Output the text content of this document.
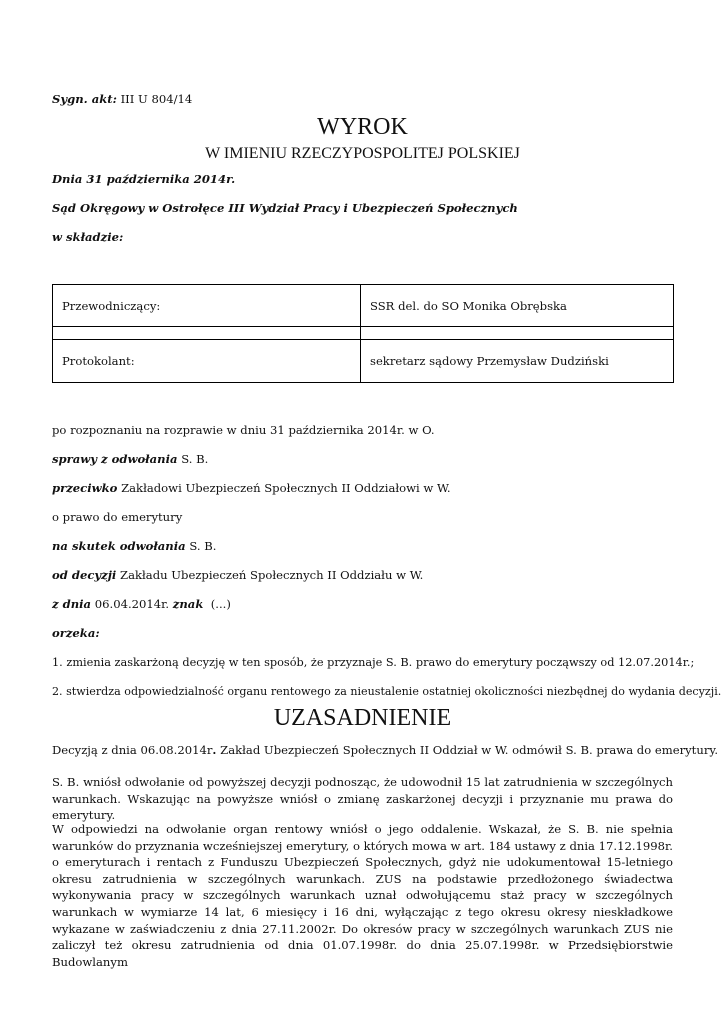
Sygn. akt: III U 804/14
WYROK
W IMIENIU RZECZYPOSPOLITEJ POLSKIEJ
Dnia 31 października 2014r.
Sąd Okręgowy w Ostrołęce III Wydział Pracy i Ubezpieczeń Społecznych
w składzie:
Przewodniczący:	SSR del. do SO Monika Obrębska

Protokolant:	sekretarz sądowy Przemysław Dudziński
po rozpoznaniu na rozprawie w dniu 31 października 2014r. w O.
sprawy z odwołania S. B.
przeciwko Zakładowi Ubezpieczeń Społecznych II Oddziałowi w W.
o prawo do emerytury
na skutek odwołania S. B.
od decyzji Zakładu Ubezpieczeń Społecznych II Oddziału w W.
z dnia 06.04.2014r. znak (...)
orzeka:
1. zmienia zaskarżoną decyzję w ten sposób, że przyznaje S. B. prawo do emerytury począwszy od 12.07.2014r.;
2. stwierdza odpowiedzialność organu rentowego za nieustalenie ostatniej okoliczności niezbędnej do wydania decyzji.
UZASADNIENIE
Decyzją z dnia 06.08.2014r. Zakład Ubezpieczeń Społecznych II Oddział w W. odmówił S. B. prawa do emerytury.

S. B. wniósł odwołanie od powyższej decyzji podnosząc, że udowodnił 15 lat zatrudnienia w szczególnych warunkach. Wskazując na powyższe wniósł o zmianę zaskarżonej decyzji i przyznanie mu prawa do emerytury.

W odpowiedzi na odwołanie organ rentowy wniósł o jego oddalenie. Wskazał, że S. B. nie spełnia warunków do przyznania wcześniejszej emerytury, o których mowa w art. 184 ustawy z dnia 17.12.1998r. o emeryturach i rentach z Funduszu Ubezpieczeń Społecznych, gdyż nie udokumentował 15-letniego okresu zatrudnienia w szczególnych warunkach. ZUS na podstawie przedłożonego świadectwa wykonywania pracy w szczególnych warunkach uznał odwołującemu staż pracy w szczególnych warunkach w wymiarze 14 lat, 6 miesięcy i 16 dni, wyłączając z tego okresu okresy nieskładkowe wykazane w zaświadczeniu z dnia 27.11.2002r. Do okresów pracy w szczególnych warunkach ZUS nie zaliczył też okresu zatrudnienia od dnia 01.07.1998r. do dnia 25.07.1998r. w Przedsiębiorstwie Budowlanym
